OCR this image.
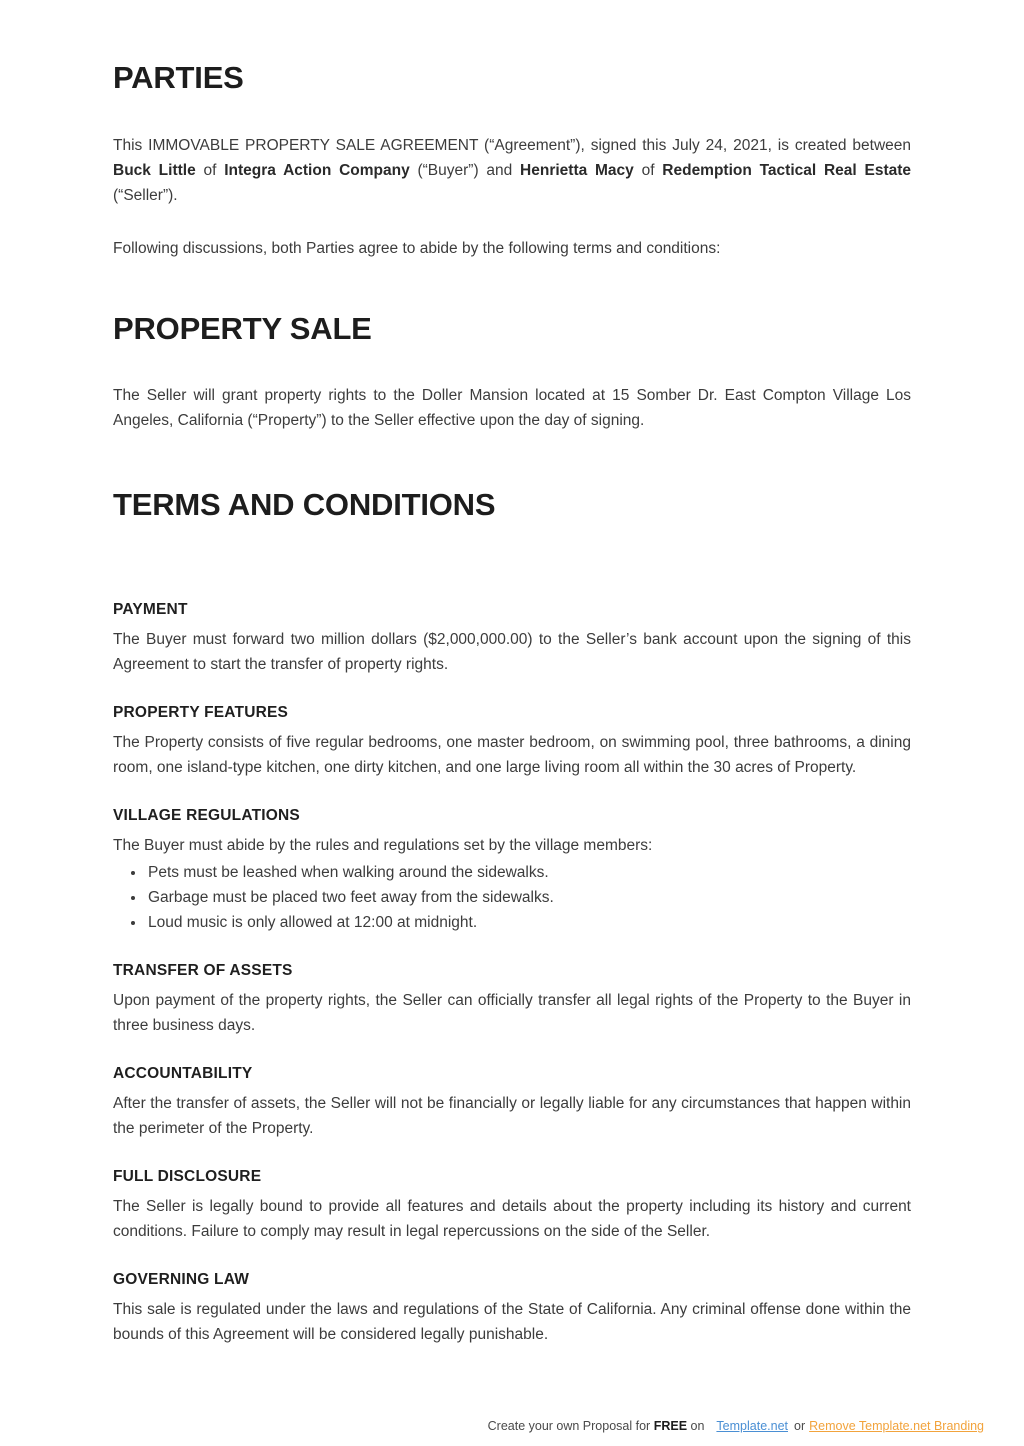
PARTIES

This IMMOVABLE PROPERTY SALE AGREEMENT (“Agreement”), signed this July 24, 2021, is created between Buck Little of Integra Action Company (“Buyer”) and Henrietta Macy of Redemption Tactical Real Estate (“Seller”).

Following discussions, both Parties agree to abide by the following terms and conditions:

PROPERTY SALE

The Seller will grant property rights to the Doller Mansion located at 15 Somber Dr. East Compton Village Los Angeles, California (“Property”) to the Seller effective upon the day of signing.

TERMS AND CONDITIONS
PAYMENT

The Buyer must forward two million dollars ($2,000,000.00) to the Seller’s bank account upon the signing of this Agreement to start the transfer of property rights.

PROPERTY FEATURES

The Property consists of five regular bedrooms, one master bedroom, on swimming pool, three bathrooms, a dining room, one island-type kitchen, one dirty kitchen, and one large living room all within the 30 acres of Property.

VILLAGE REGULATIONS

The Buyer must abide by the rules and regulations set by the village members:

• Pets must be leashed when walking around the sidewalks.
• Garbage must be placed two feet away from the sidewalks.
• Loud music is only allowed at 12:00 at midnight.
TRANSFER OF ASSETS

Upon payment of the property rights, the Seller can officially transfer all legal rights of the Property to the Buyer in three business days.

ACCOUNTABILITY

After the transfer of assets, the Seller will not be financially or legally liable for any circumstances that happen within the perimeter of the Property.

FULL DISCLOSURE

The Seller is legally bound to provide all features and details about the property including its history and current conditions. Failure to comply may result in legal repercussions on the side of the Seller.

GOVERNING LAW

This sale is regulated under the laws and regulations of the State of California. Any criminal offense done within the bounds of this Agreement will be considered legally punishable.

Create your own Proposal for FREE on Template.net or Remove Template.net Branding
